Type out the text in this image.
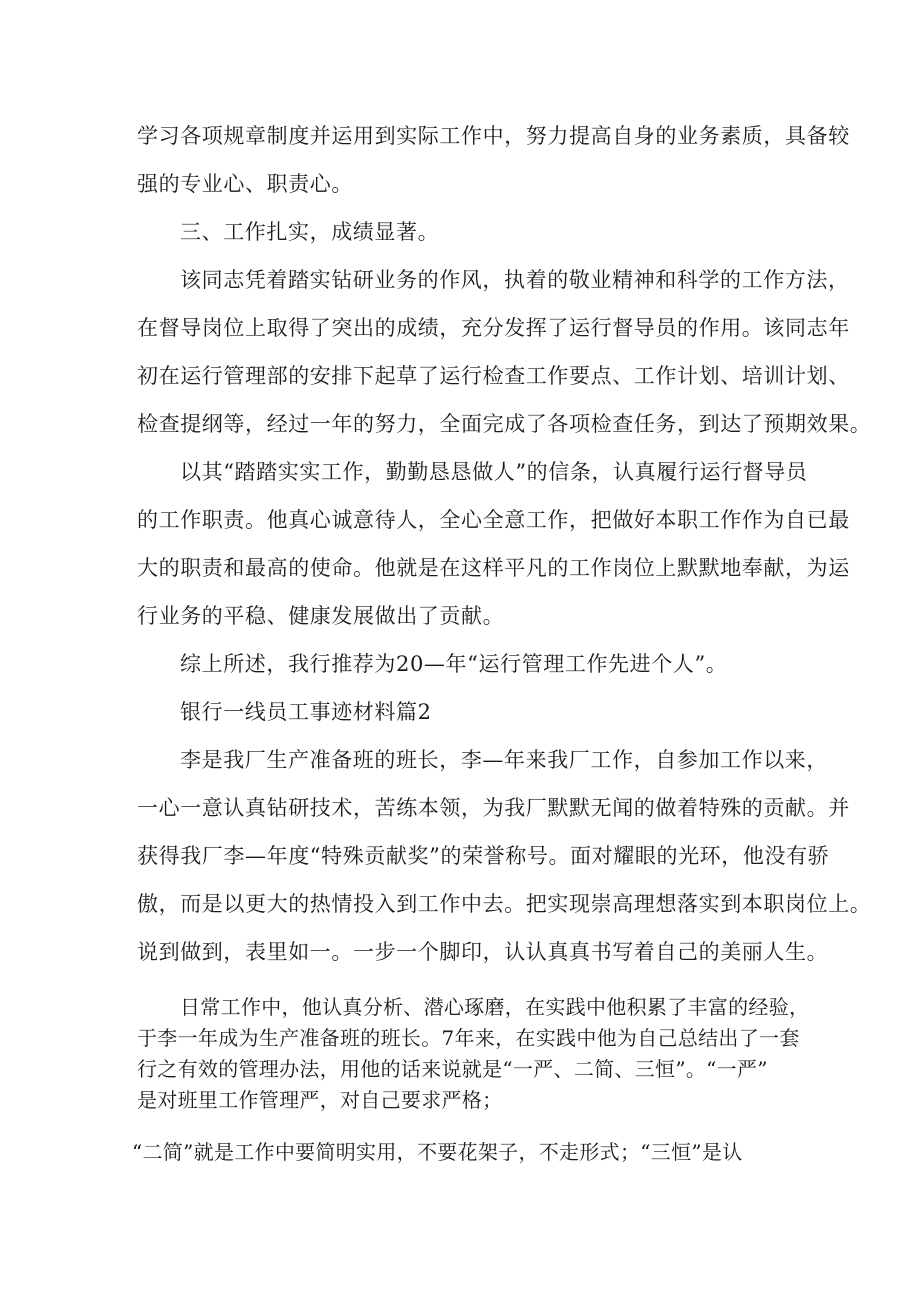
学习各项规章制度并运用到实际工作中，努力提高自身的业务素质，具备较
强的专业心、职责心。
三、工作扎实，成绩显著。
该同志凭着踏实钻研业务的作风，执着的敬业精神和科学的工作方法，
在督导岗位上取得了突出的成绩，充分发挥了运行督导员的作用。该同志年
初在运行管理部的安排下起草了运行检查工作要点、工作计划、培训计划、
检查提纲等，经过一年的努力，全面完成了各项检查任务，到达了预期效果。
以其“踏踏实实工作，勤勤恳恳做人”的信条，认真履行运行督导员
的工作职责。他真心诚意待人，全心全意工作，把做好本职工作作为自已最
大的职责和最高的使命。他就是在这样平凡的工作岗位上默默地奉献，为运
行业务的平稳、健康发展做出了贡献。
综上所述，我行推荐为20—年“运行管理工作先进个人”。
银行一线员工事迹材料篇2
李是我厂生产准备班的班长，李—年来我厂工作，自参加工作以来，
一心一意认真钻研技术，苦练本领，为我厂默默无闻的做着特殊的贡献。并
获得我厂李—年度“特殊贡献奖”的荣誉称号。面对耀眼的光环，他没有骄
傲，而是以更大的热情投入到工作中去。把实现崇高理想落实到本职岗位上。
说到做到，表里如一。一步一个脚印，认认真真书写着自己的美丽人生。
日常工作中，他认真分析、潜心琢磨，在实践中他积累了丰富的经验，
于李一年成为生产准备班的班长。7年来，在实践中他为自己总结出了一套
行之有效的管理办法，用他的话来说就是“一严、二简、三恒”。“一严”
是对班里工作管理严，对自己要求严格；
“二简”就是工作中要简明实用，不要花架子，不走形式；“三恒”是认
